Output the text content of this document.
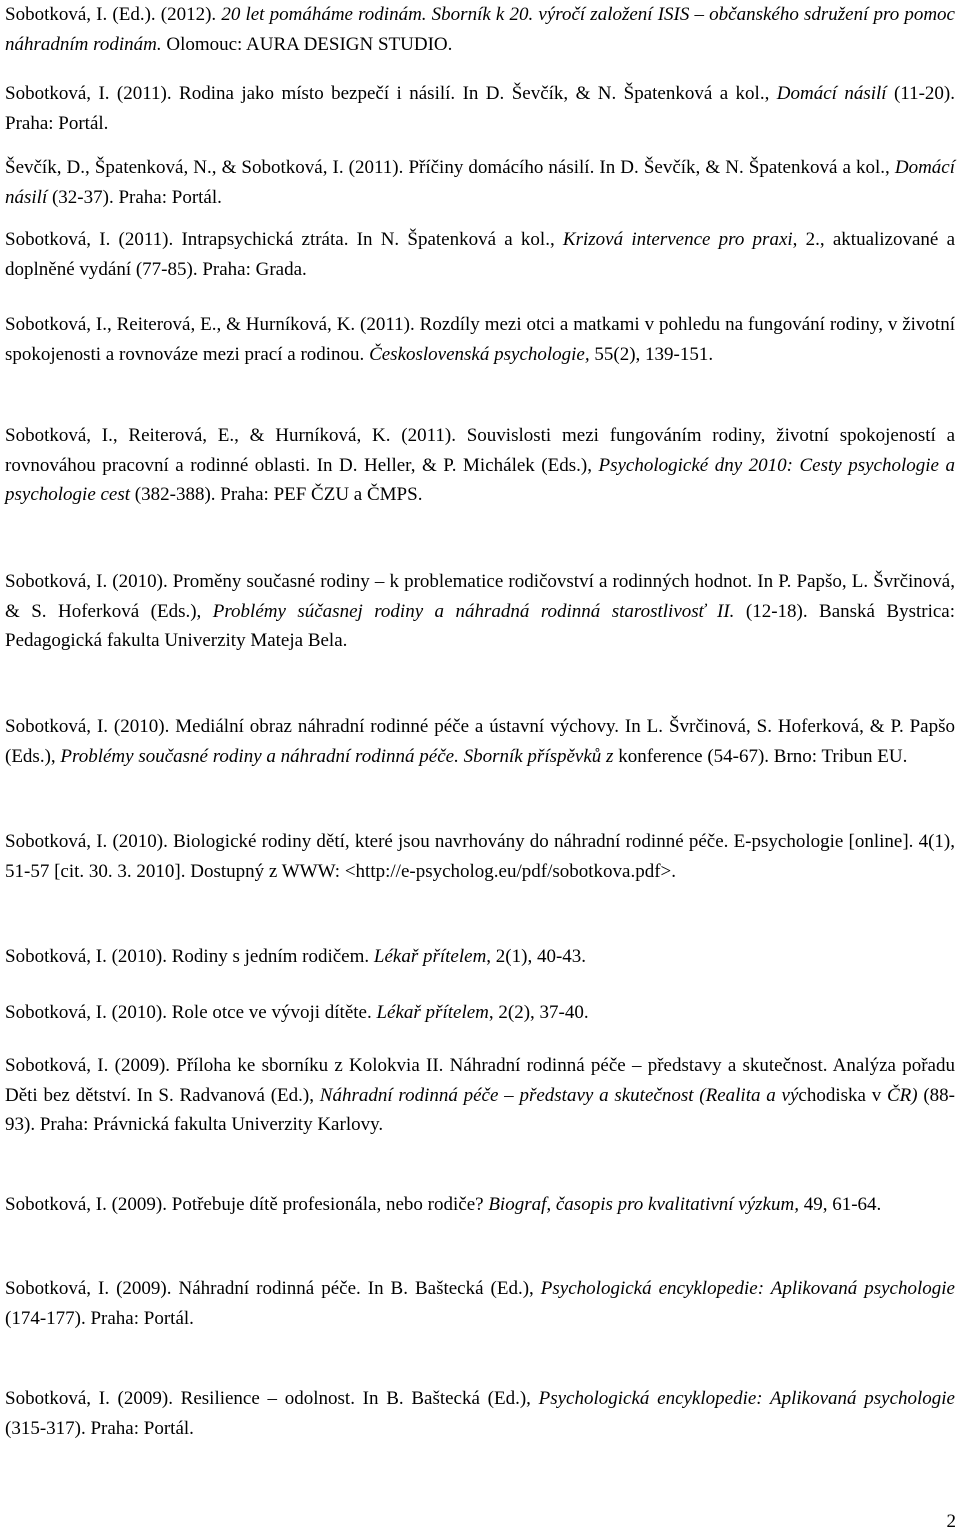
Sobotková, I. (Ed.). (2012). 20 let pomáháme rodinám. Sborník k 20. výročí založení ISIS – občanského sdružení pro pomoc náhradním rodinám. Olomouc: AURA DESIGN STUDIO.

Sobotková, I. (2011). Rodina jako místo bezpečí i násilí. In D. Ševčík, & N. Špatenková a kol., Domácí násilí (11-20). Praha: Portál.

Ševčík, D., Špatenková, N., & Sobotková, I. (2011). Příčiny domácího násilí. In D. Ševčík, & N. Špatenková a kol., Domácí násilí (32-37). Praha: Portál.

Sobotková, I. (2011). Intrapsychická ztráta. In N. Špatenková a kol., Krizová intervence pro praxi, 2., aktualizované a doplněné vydání (77-85). Praha: Grada.

Sobotková, I., Reiterová, E., & Hurníková, K. (2011). Rozdíly mezi otci a matkami v pohledu na fungování rodiny, v životní spokojenosti a rovnováze mezi prací a rodinou. Československá psychologie, 55(2), 139-151.

Sobotková, I., Reiterová, E., & Hurníková, K. (2011). Souvislosti mezi fungováním rodiny, životní spokojeností a rovnováhou pracovní a rodinné oblasti. In D. Heller, & P. Michálek (Eds.), Psychologické dny 2010: Cesty psychologie a psychologie cest (382-388). Praha: PEF ČZU a ČMPS.

Sobotková, I. (2010). Proměny současné rodiny – k problematice rodičovství a rodinných hodnot. In P. Papšo, L. Švrčinová, & S. Hoferková (Eds.), Problémy súčasnej rodiny a náhradná rodinná starostlivosť II. (12-18). Banská Bystrica: Pedagogická fakulta Univerzity Mateja Bela.

Sobotková, I. (2010). Mediální obraz náhradní rodinné péče a ústavní výchovy. In L. Švrčinová, S. Hoferková, & P. Papšo (Eds.), Problémy současné rodiny a náhradní rodinná péče. Sborník příspěvků z konference (54-67). Brno: Tribun EU.

Sobotková, I. (2010). Biologické rodiny dětí, které jsou navrhovány do náhradní rodinné péče. E-psychologie [online]. 4(1), 51-57 [cit. 30. 3. 2010]. Dostupný z WWW: <http://e-psycholog.eu/pdf/sobotkova.pdf>.

Sobotková, I. (2010). Rodiny s jedním rodičem. Lékař přítelem, 2(1), 40-43.

Sobotková, I. (2010). Role otce ve vývoji dítěte. Lékař přítelem, 2(2), 37-40.

Sobotková, I. (2009). Příloha ke sborníku z Kolokvia II. Náhradní rodinná péče – představy a skutečnost. Analýza pořadu Děti bez dětství. In S. Radvanová (Ed.), Náhradní rodinná péče – představy a skutečnost (Realita a východiska v ČR) (88-93). Praha: Právnická fakulta Univerzity Karlovy.

Sobotková, I. (2009). Potřebuje dítě profesionála, nebo rodiče? Biograf, časopis pro kvalitativní výzkum, 49, 61-64.

Sobotková, I. (2009). Náhradní rodinná péče. In B. Baštecká (Ed.), Psychologická encyklopedie: Aplikovaná psychologie (174-177). Praha: Portál.

Sobotková, I. (2009). Resilience – odolnost. In B. Baštecká (Ed.), Psychologická encyklopedie: Aplikovaná psychologie (315-317). Praha: Portál.

2
